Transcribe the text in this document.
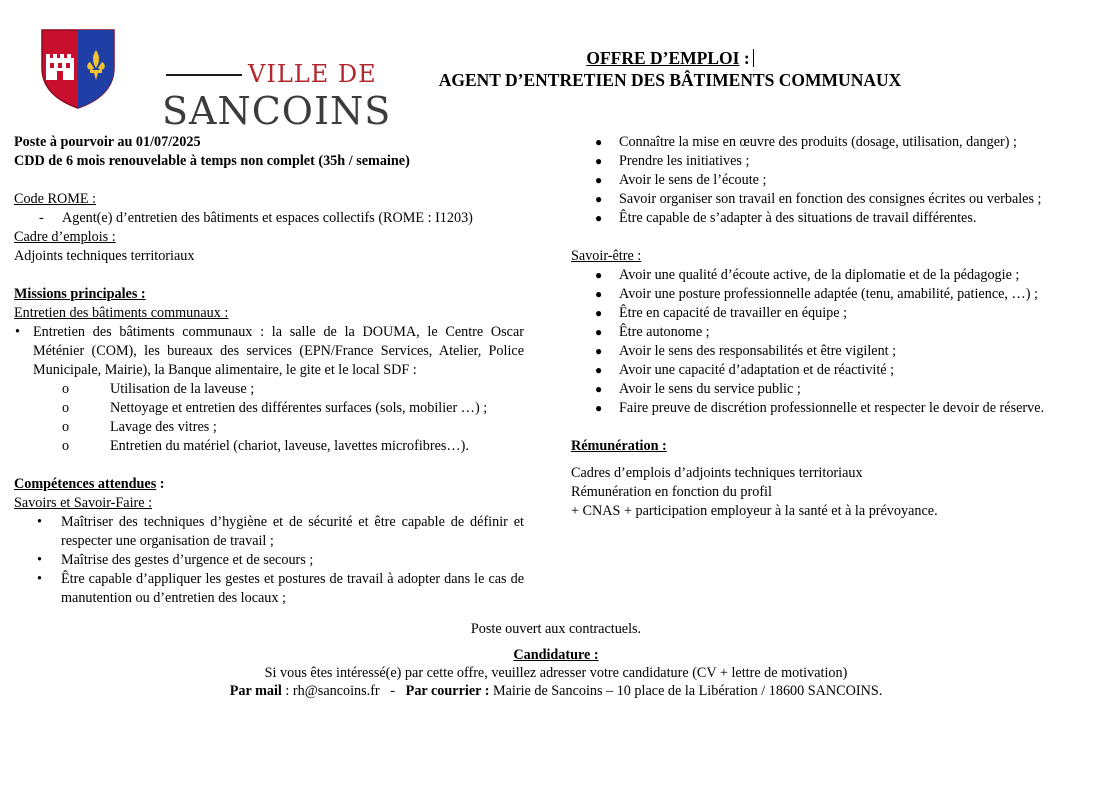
VILLE DE
SANCOINS
OFFRE D’EMPLOI :
AGENT D’ENTRETIEN DES BÂTIMENTS COMMUNAUX
Poste à pourvoir au 01/07/2025
CDD de 6 mois renouvelable à temps non complet (35h / semaine)
Code ROME :
- Agent(e) d’entretien des bâtiments et espaces collectifs (ROME : I1203)
Cadre d’emplois :
Adjoints techniques territoriaux
Missions principales :
Entretien des bâtiments communaux :
• Entretien des bâtiments communaux : la salle de la DOUMA, le Centre Oscar Méténier (COM), les bureaux des services (EPN/France Services, Atelier, Police Municipale, Mairie), la Banque alimentaire, le gite et le local SDF :
o	Utilisation de la laveuse ;
o	Nettoyage et entretien des différentes surfaces (sols, mobilier …) ;
o	Lavage des vitres ;
o	Entretien du matériel (chariot, laveuse, lavettes microfibres…).
Compétences attendues :
Savoirs et Savoir-Faire :
• Maîtriser des techniques d’hygiène et de sécurité et être capable de définir et respecter une organisation de travail ;
• Maîtrise des gestes d’urgence et de secours ;
• Être capable d’appliquer les gestes et postures de travail à adopter dans le cas de manutention ou d’entretien des locaux ;
● Connaître la mise en œuvre des produits (dosage, utilisation, danger) ;
● Prendre les initiatives ;
● Avoir le sens de l’écoute ;
● Savoir organiser son travail en fonction des consignes écrites ou verbales ;
● Être capable de s’adapter à des situations de travail différentes.
Savoir-être :
● Avoir une qualité d’écoute active, de la diplomatie et de la pédagogie ;
● Avoir une posture professionnelle adaptée (tenu, amabilité, patience, …) ;
● Être en capacité de travailler en équipe ;
● Être autonome ;
● Avoir le sens des responsabilités et être vigilent ;
● Avoir une capacité d’adaptation et de réactivité ;
● Avoir le sens du service public ;
● Faire preuve de discrétion professionnelle et respecter le devoir de réserve.
Rémunération :
Cadres d’emplois d’adjoints techniques territoriaux
Rémunération en fonction du profil
+ CNAS + participation employeur à la santé et à la prévoyance.
Poste ouvert aux contractuels.
Candidature :
Si vous êtes intéressé(e) par cette offre, veuillez adresser votre candidature (CV + lettre de motivation)
Par mail : rh@sancoins.fr   -   Par courrier : Mairie de Sancoins – 10 place de la Libération / 18600 SANCOINS.
